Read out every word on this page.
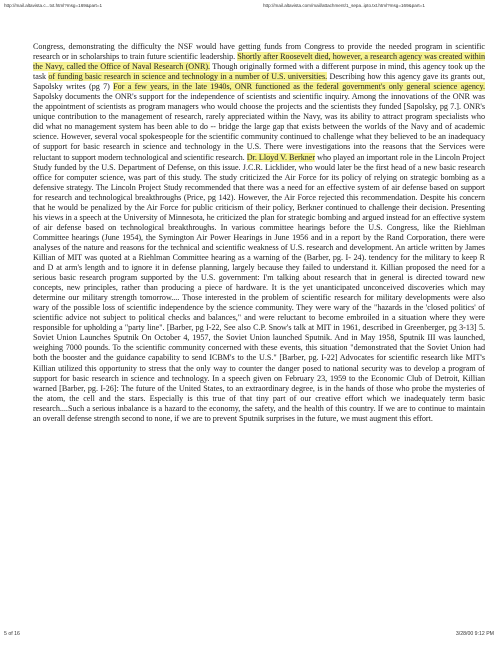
http://mail.altavista.c...txt.html?msg=169&part=1	http://mail.altavista.com/mail/attachment/1_sepa..ipto.txt.html?msg=169&part=1

Congress, demonstrating the difficulty the NSF would have getting funds from Congress to provide the needed program in scientific research or in scholarships to train future scientific leadership. Shortly after Roosevelt died, however, a research agency was created within the Navy, called the Office of Naval Research (ONR). Though originally formed with a different purpose in mind, this agency took up the task of funding basic research in science and technology in a number of U.S. universities. Describing how this agency gave its grants out, Sapolsky writes (pg 7) For a few years, in the late 1940s, ONR functioned as the federal government's only general science agency. Sapolsky documents the ONR's support for the independence of scientists and scientific inquiry. Among the innovations of the ONR was the appointment of scientists as program managers who would choose the projects and the scientists they funded [Sapolsky, pg 7.]. ONR's unique contribution to the management of research, rarely appreciated within the Navy, was its ability to attract program specialists who did what no management system has been able to do -- bridge the large gap that exists between the worlds of the Navy and of academic science. However, several vocal spokespeople for the scientific community continued to challenge what they believed to be an inadequacy of support for basic research in science and technology in the U.S. There were investigations into the reasons that the Services were reluctant to support modern technological and scientific research. Dr. Lloyd V. Berkner who played an important role in the Lincoln Project Study funded by the U.S. Department of Defense, on this issue. J.C.R. Licklider, who would later be the first head of a new basic research office for computer science, was part of this study. The study criticized the Air Force for its policy of relying on strategic bombing as a defensive strategy. The Lincoln Project Study recommended that there was a need for an effective system of air defense based on support for research and technological breakthroughs (Price, pg 142). However, the Air Force rejected this recommendation. Despite his concern that he would be penalized by the Air Force for public criticism of their policy, Berkner continued to challenge their decision. Presenting his views in a speech at the University of Minnesota, he criticized the plan for strategic bombing and argued instead for an effective system of air defense based on technological breakthroughs. In various committee hearings before the U.S. Congress, like the Riehlman Committee hearings (June 1954), the Symington Air Power Hearings in June 1956 and in a report by the Rand Corporation, there were analyses of the nature and reasons for the technical and scientific weakness of U.S. research and development. An article written by James Killian of MIT was quoted at a Riehlman Committee hearing as a warning of the (Barber, pg. I- 24). tendency for the military to keep R and D at arm's length and to ignore it in defense planning, largely because they failed to understand it. Killian proposed the need for a serious basic research program supported by the U.S. government: I'm talking about research that in general is directed toward new concepts, new principles, rather than producing a piece of hardware. It is the yet unanticipated unconceived discoveries which may determine our military strength tomorrow.... Those interested in the problem of scientific research for military developments were also wary of the possible loss of scientific independence by the science community. They were wary of the "hazards in the 'closed politics' of scientific advice not subject to political checks and balances," and were reluctant to become embroiled in a situation where they were responsible for upholding a "party line". [Barber, pg I-22, See also C.P. Snow's talk at MIT in 1961, described in Greenberger, pg 3-13] 5. Soviet Union Launches Sputnik On October 4, 1957, the Soviet Union launched Sputnik. And in May 1958, Sputnik III was launched, weighing 7000 pounds. To the scientific community concerned with these events, this situation "demonstrated that the Soviet Union had both the booster and the guidance capability to send ICBM's to the U.S." [Barber, pg. I-22] Advocates for scientific research like MIT's Killian utilized this opportunity to stress that the only way to counter the danger posed to national security was to develop a program of support for basic research in science and technology. In a speech given on February 23, 1959 to the Economic Club of Detroit, Killian warned [Barber, pg. I-26]: The future of the United States, to an extraordinary degree, is in the hands of those who probe the mysteries of the atom, the cell and the stars. Especially is this true of that tiny part of our creative effort which we inadequately term basic research....Such a serious inbalance is a hazard to the economy, the safety, and the health of this country. If we are to continue to maintain an overall defense strength second to none, if we are to prevent Sputnik surprises in the future, we must augment this effort.

5 of 16	3/28/00 9:12 PM
